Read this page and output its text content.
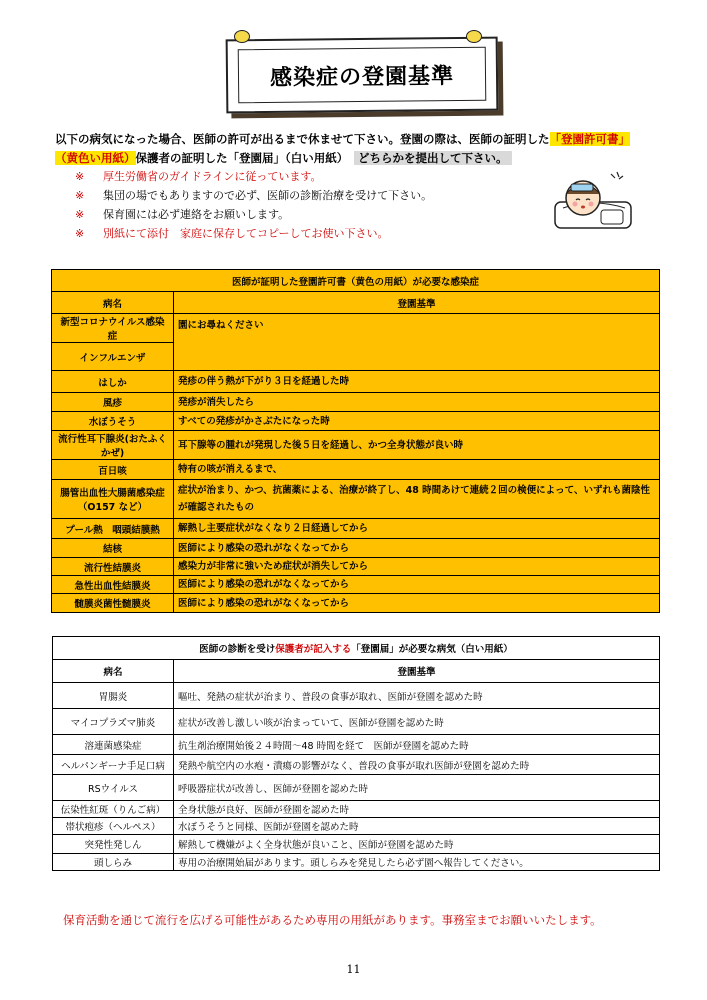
感染症の登園基準
以下の病気になった場合、医師の許可が出るまで休ませて下さい。登園の際は、医師の証明した「登園許可書」
（黄色い用紙）保護者の証明した「登園届」（白い用紙）　 どちらかを提出して下さい。
※	厚生労働省のガイドラインに従っています。
※	集団の場でもありますので必ず、医師の診断治療を受けて下さい。
※	保育園には必ず連絡をお願いします。
※	別紙にて添付　家庭に保存してコピーしてお使い下さい。
医師が証明した登園許可書（黄色の用紙）が必要な感染症	
病名	登園基準
新型コロナウイルス感染症	園にお尋ねください
インフルエンザ	
はしか	発疹の伴う熱が下がり３日を経過した時
風疹	発疹が消失したら
水ぼうそう	すべての発疹がかさぶたになった時
流行性耳下腺炎(おたふくかぜ)	耳下腺等の腫れが発現した後５日を経過し、かつ全身状態が良い時
百日咳	特有の咳が消えるまで、
腸管出血性大腸菌感染症（O157 など）	症状が治まり、かつ、抗菌薬による、治療が終了し、48 時間あけて連続２回の検便によって、いずれも菌陰性が確認されたもの
プール熱　咽頭結膜熱	解熱し主要症状がなくなり２日経過してから
結核	医師により感染の恐れがなくなってから
流行性結膜炎	感染力が非常に強いため症状が消失してから
急性出血性結膜炎	医師により感染の恐れがなくなってから
髄膜炎菌性髄膜炎	医師により感染の恐れがなくなってから
医師の診断を受け保護者が記入する「登園届」が必要な病気（白い用紙）	
病名	登園基準
胃腸炎	嘔吐、発熱の症状が治まり、普段の食事が取れ、医師が登園を認めた時
マイコプラズマ肺炎	症状が改善し激しい咳が治まっていて、医師が登園を認めた時
溶連菌感染症	抗生剤治療開始後２４時間～48 時間を経て　医師が登園を認めた時
ヘルパンギーナ手足口病	発熱や航空内の水疱・潰瘍の影響がなく、普段の食事が取れ医師が登園を認めた時
RSウイルス	呼吸器症状が改善し、医師が登園を認めた時
伝染性紅斑（りんご病）	全身状態が良好、医師が登園を認めた時
帯状疱疹（ヘルペス）	水ぼうそうと同様、医師が登園を認めた時
突発性発しん	解熱して機嫌がよく全身状態が良いこと、医師が登園を認めた時
頭しらみ	専用の治療開始届があります。頭しらみを発見したら必ず園へ報告してください。
保育活動を通じて流行を広げる可能性があるため専用の用紙があります。事務室までお願いいたします。
11
